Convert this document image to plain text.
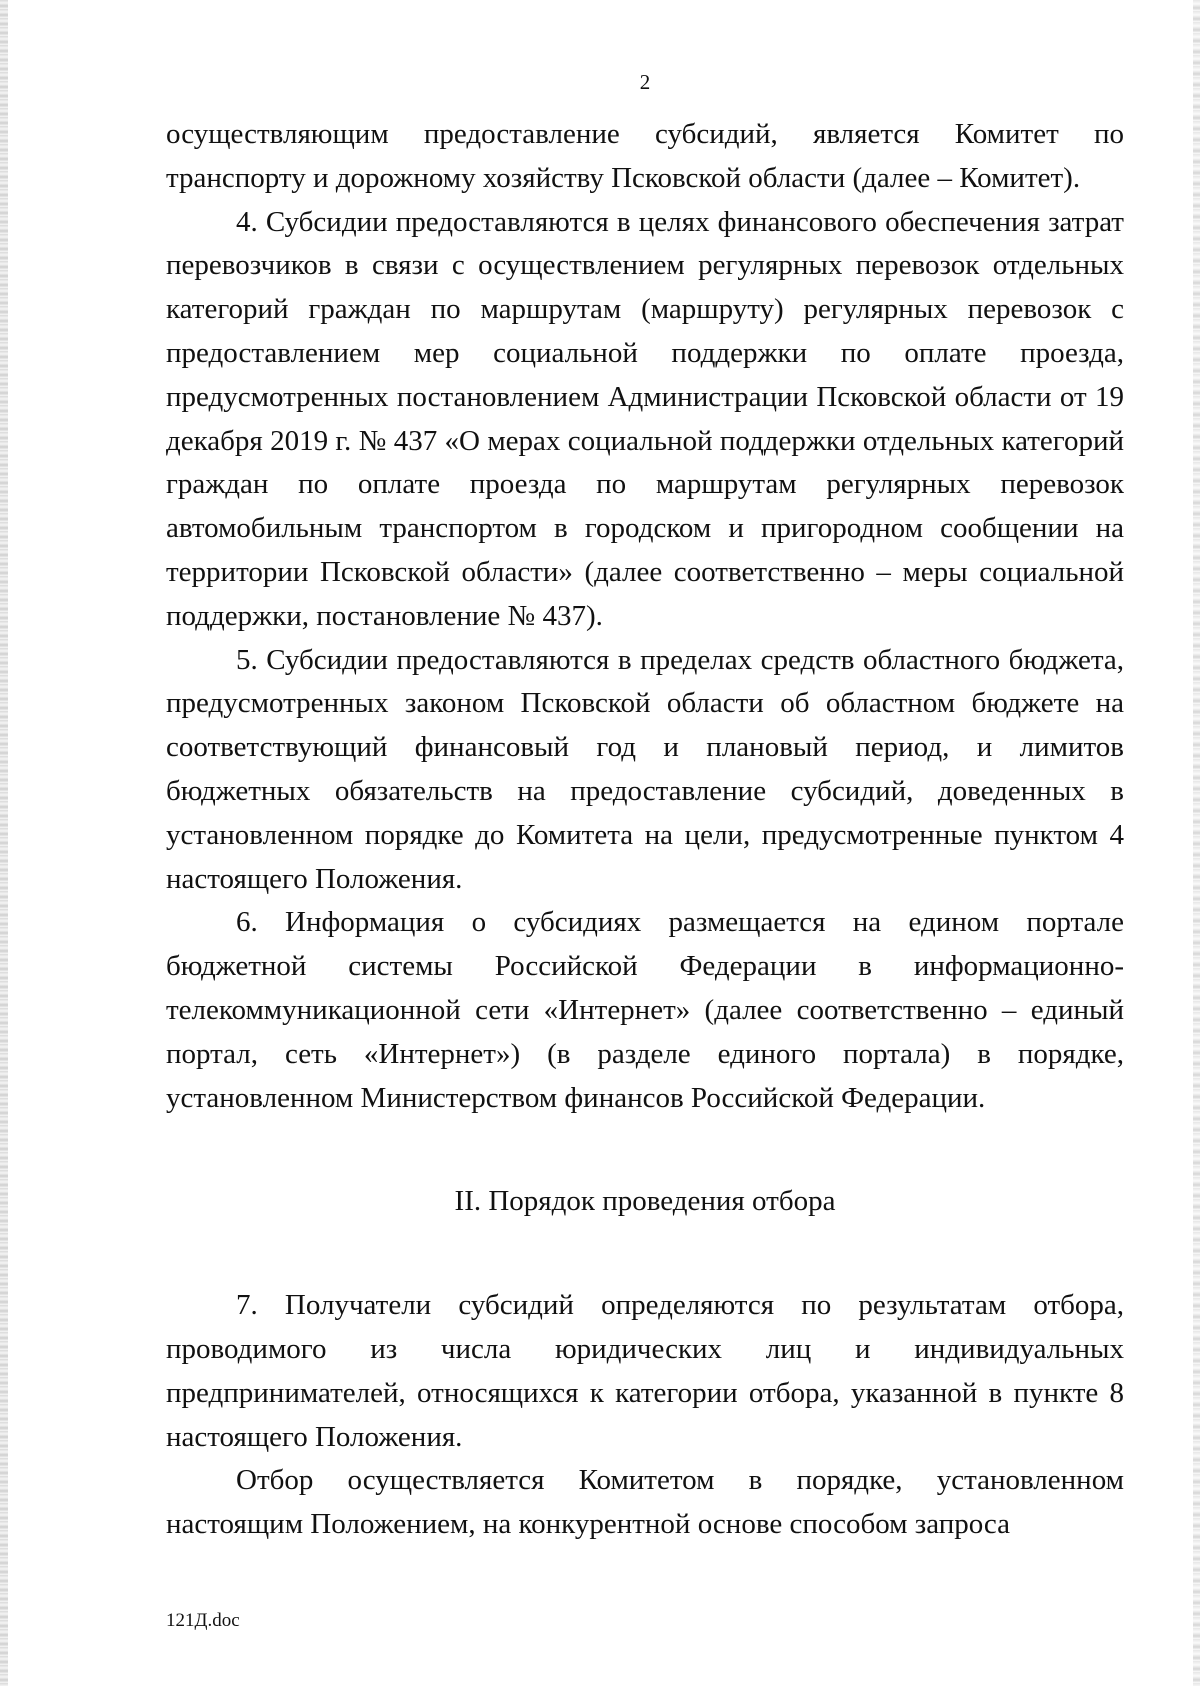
2

осуществляющим предоставление субсидий, является Комитет по транспорту и дорожному хозяйству Псковской области (далее – Комитет).

4. Субсидии предоставляются в целях финансового обеспечения затрат перевозчиков в связи с осуществлением регулярных перевозок отдельных категорий граждан по маршрутам (маршруту) регулярных перевозок с предоставлением мер социальной поддержки по оплате проезда, предусмотренных постановлением Администрации Псковской области от 19 декабря 2019 г. № 437 «О мерах социальной поддержки отдельных категорий граждан по оплате проезда по маршрутам регулярных перевозок автомобильным транспортом в городском и пригородном сообщении на территории Псковской области» (далее соответственно – меры социальной поддержки, постановление № 437).

5. Субсидии предоставляются в пределах средств областного бюджета, предусмотренных законом Псковской области об областном бюджете на соответствующий финансовый год и плановый период, и лимитов бюджетных обязательств на предоставление субсидий, доведенных в установленном порядке до Комитета на цели, предусмотренные пунктом 4 настоящего Положения.

6. Информация о субсидиях размещается на едином портале бюджетной системы Российской Федерации в информационно-телекоммуникационной сети «Интернет» (далее соответственно – единый портал, сеть «Интернет») (в разделе единого портала) в порядке, установленном Министерством финансов Российской Федерации.

II. Порядок проведения отбора

7. Получатели субсидий определяются по результатам отбора, проводимого из числа юридических лиц и индивидуальных предпринимателей, относящихся к категории отбора, указанной в пункте 8 настоящего Положения.

Отбор осуществляется Комитетом в порядке, установленном настоящим Положением, на конкурентной основе способом запроса

121Д.doc
